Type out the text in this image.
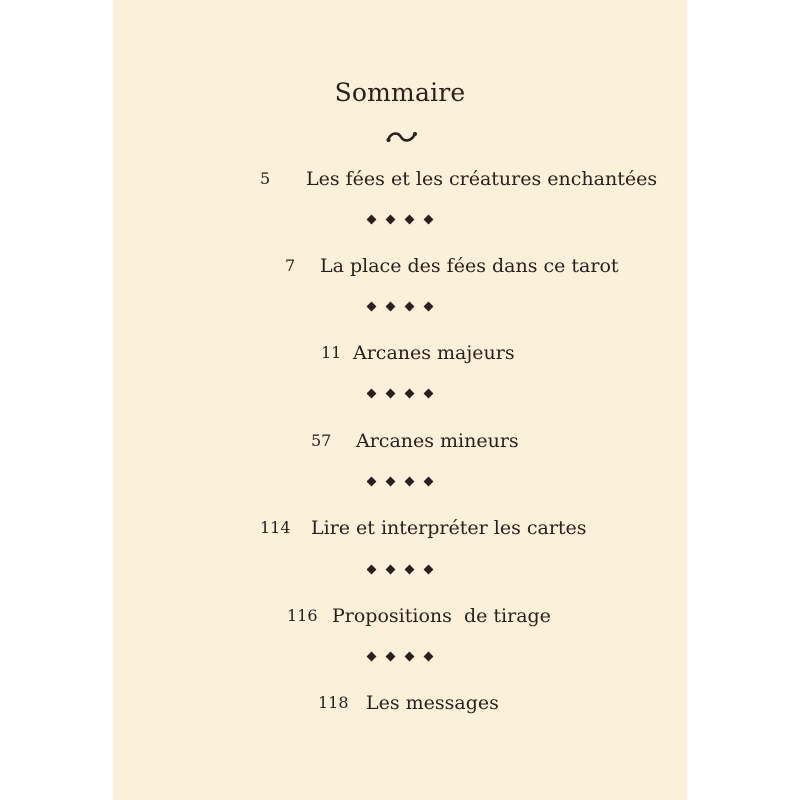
Sommaire
5 Les fées et les créatures enchantées
7 La place des fées dans ce tarot
11 Arcanes majeurs
57 Arcanes mineurs
114 Lire et interpréter les cartes
116 Propositions  de tirage
118 Les messages
